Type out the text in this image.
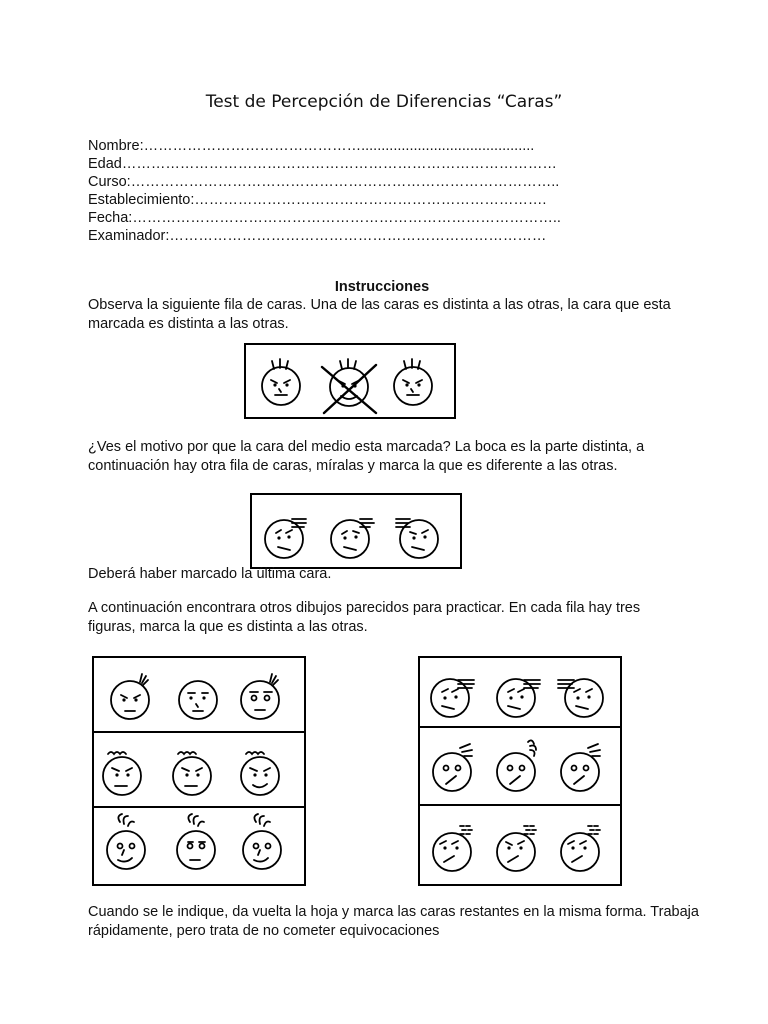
Test de Percepción de Diferencias “Caras”
Nombre:………………………………………...........................................
Edad………………………………………………………………………………
Curso:……………………………………………………………………………..
Establecimiento:……………………………………………………………….
Fecha:……………………………………………………………………………..
Examinador:……………………………………………………………………
Instrucciones
Observa la siguiente fila de caras. Una de las caras es distinta a las otras, la cara que esta marcada es distinta a las otras.
¿Ves el motivo por que la cara del medio esta marcada? La boca es la parte distinta, a continuación hay otra fila de caras, míralas y marca la que es diferente a las otras.
Deberá haber marcado la última cara.
A continuación encontrara otros dibujos parecidos para practicar. En cada fila hay tres figuras, marca la que es distinta a las otras.
Cuando se le indique, da vuelta la hoja y marca las caras restantes en la misma forma. Trabaja rápidamente, pero trata de no cometer equivocaciones
